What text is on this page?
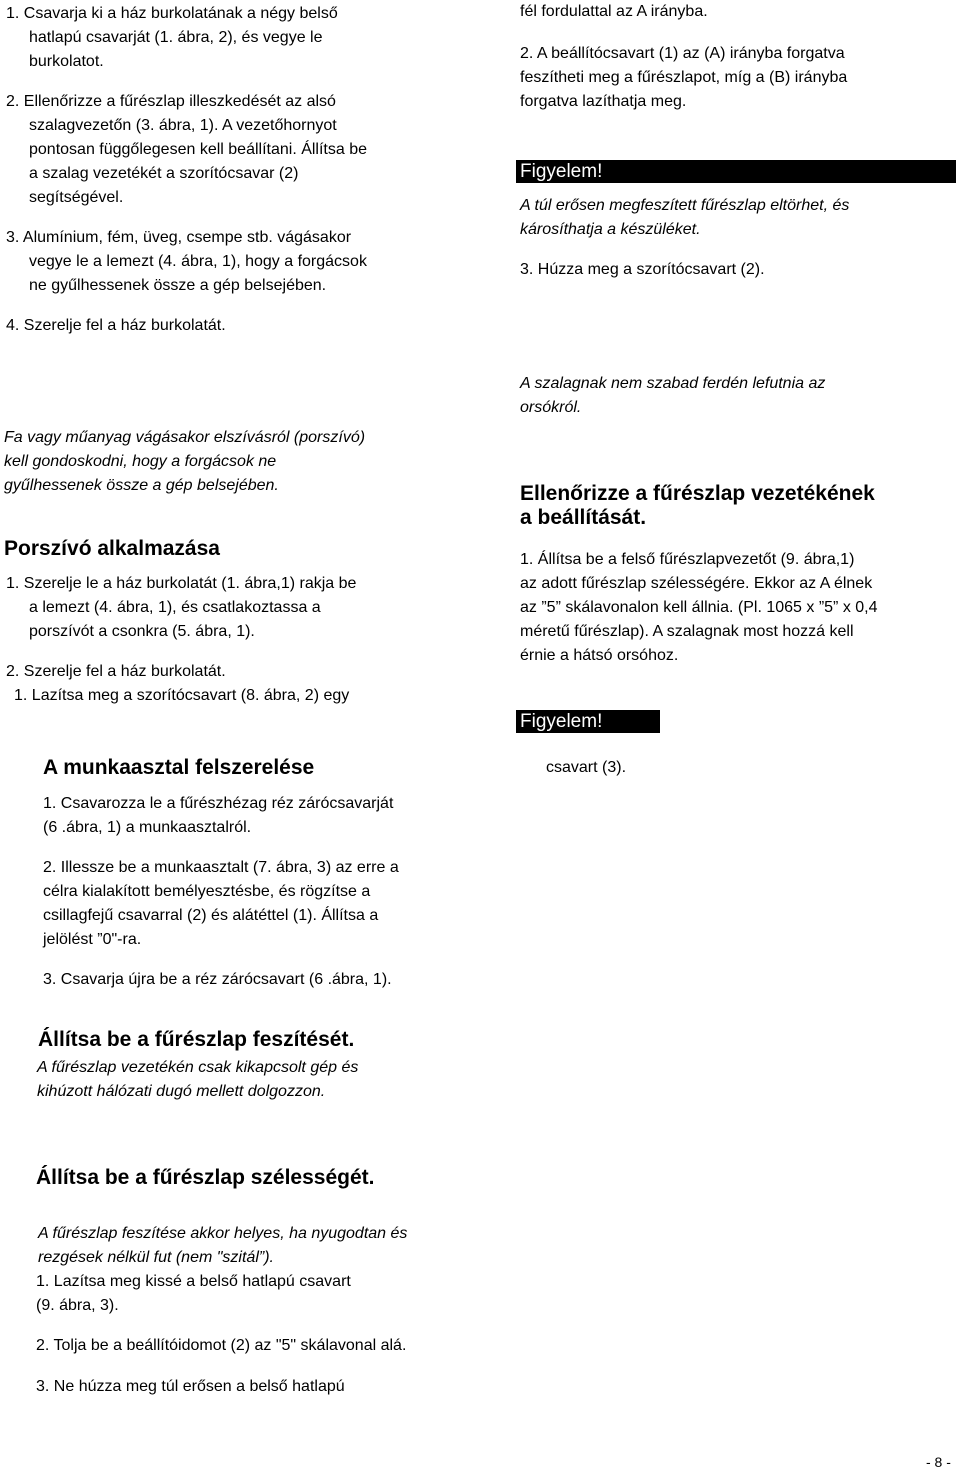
1. Csavarja ki a ház burkolatának a négy belső

hatlapú csavarját (1. ábra, 2), és vegye le

burkolatot.

2. Ellenőrizze a fűrészlap illeszkedését az alsó

szalagvezetőn (3. ábra, 1). A vezetőhornyot

pontosan függőlegesen kell beállítani. Állítsa be

a szalag vezetékét a szorítócsavar (2)

segítségével.

3. Alumínium, fém, üveg, csempe stb. vágásakor

vegye le a lemezt (4. ábra, 1), hogy a forgácsok

ne gyűlhessenek össze a gép belsejében.

4. Szerelje fel a ház burkolatát.

Fa vagy műanyag vágásakor elszívásról (porszívó)

kell gondoskodni, hogy a forgácsok ne

gyűlhessenek össze a gép belsejében.

Porszívó alkalmazása

1. Szerelje le a ház burkolatát (1. ábra,1) rakja be

a lemezt (4. ábra, 1), és csatlakoztassa a

porszívót a csonkra (5. ábra, 1).

2. Szerelje fel a ház burkolatát.

1. Lazítsa meg a szorítócsavart (8. ábra, 2) egy

A munkaasztal felszerelése

1. Csavarozza le a fűrészhézag réz zárócsavarját

(6 .ábra, 1) a munkaasztalról.

2. Illessze be a munkaasztalt (7. ábra, 3) az erre a

célra kialakított bemélyesztésbe, és rögzítse a

csillagfejű csavarral (2) és alátéttel (1). Állítsa a

jelölést ”0"-ra.

3. Csavarja újra be a réz zárócsavart (6 .ábra, 1).

Állítsa be a fűrészlap feszítését.

A fűrészlap vezetékén csak kikapcsolt gép és

kihúzott hálózati dugó mellett dolgozzon.

Állítsa be a fűrészlap szélességét.

A fűrészlap feszítése akkor helyes, ha nyugodtan és

rezgések nélkül fut (nem "szitál”).

1. Lazítsa meg kissé a belső hatlapú csavart

(9. ábra, 3).

2. Tolja be a beállítóidomot (2) az "5" skálavonal alá.

3. Ne húzza meg túl erősen a belső hatlapú

fél fordulattal az A irányba.

2. A beállítócsavart (1) az (A) irányba forgatva

feszítheti meg a fűrészlapot, míg a (B) irányba

forgatva lazíthatja meg.

Figyelem!

A túl erősen megfeszített fűrészlap eltörhet, és

károsíthatja a készüléket.

3. Húzza meg a szorítócsavart (2).

A szalagnak nem szabad ferdén lefutnia az

orsókról.

Ellenőrizze a fűrészlap vezetékének

a beállítását.

1. Állítsa be a felső fűrészlapvezetőt (9. ábra,1)

az adott fűrészlap szélességére. Ekkor az A élnek

az ”5” skálavonalon kell állnia. (Pl. 1065 x ”5” x 0,4

méretű fűrészlap). A szalagnak most hozzá kell

érnie a hátsó orsóhoz.

Figyelem!

csavart (3).

- 8 -
